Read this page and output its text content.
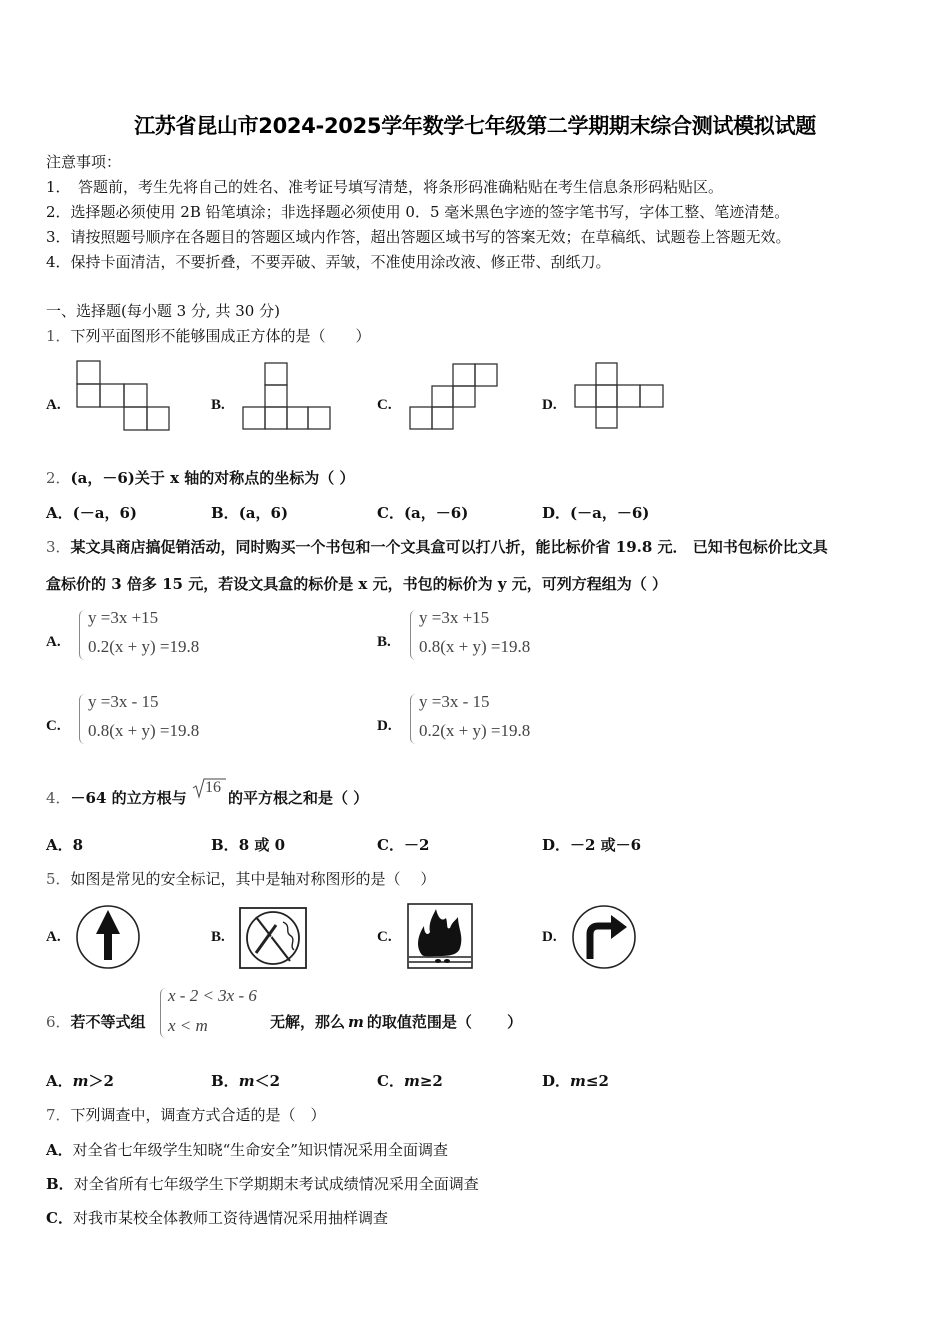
江苏省昆山市2024-2025学年数学七年级第二学期期末综合测试模拟试题
注意事项：
1．　答题前，考生先将自己的姓名、准考证号填写清楚，将条形码准确粘贴在考生信息条形码粘贴区。
2．选择题必须使用 2B 铅笔填涂；非选择题必须使用 0．5 毫米黑色字迹的签字笔书写，字体工整、笔迹清楚。
3．请按照题号顺序在各题目的答题区域内作答，超出答题区域书写的答案无效；在草稿纸、试题卷上答题无效。
4．保持卡面清洁，不要折叠，不要弄破、弄皱，不准使用涂改液、修正带、刮纸刀。
一、选择题(每小题 3 分, 共 30 分)
1．下列平面图形不能够围成正方体的是（　　）
A.	B.	C.	D.
2．(a，－6)关于 x 轴的对称点的坐标为（ ）
A．(－a，6)	B．(a，6)	C．(a，－6)	D．(－a，－6)
3．某文具商店搞促销活动，同时购买一个书包和一个文具盒可以打八折，能比标价省 19.8 元． 已知书包标价比文具
盒标价的 3 倍多 15 元，若设文具盒的标价是 x 元，书包的标价为 y 元，可列方程组为（ ）
A.
y =3x +15
0.2(x + y) =19.8	B.
y =3x +15
0.8(x + y) =19.8
C.
y =3x - 15
0.8(x + y) =19.8	D.
y =3x - 15
0.2(x + y) =19.8
4．－64 的立方根与
16
的平方根之和是（ ）
A．8	B．8 或 0	C．－2	D．－2 或－6
5．如图是常见的安全标记，其中是轴对称图形的是（　 ）
A.	B.	C.	D.
6．若不等式组
x - 2 < 3x - 6
x < m	无解，那么 m 的取值范围是（　　 ）
A．m＞2	B．m＜2	C．m≥2	D．m≤2
7．下列调查中，调查方式合适的是（　）
A．对全省七年级学生知晓“生命安全”知识情况采用全面调查
B．对全省所有七年级学生下学期期末考试成绩情况采用全面调查
C．对我市某校全体教师工资待遇情况采用抽样调查
